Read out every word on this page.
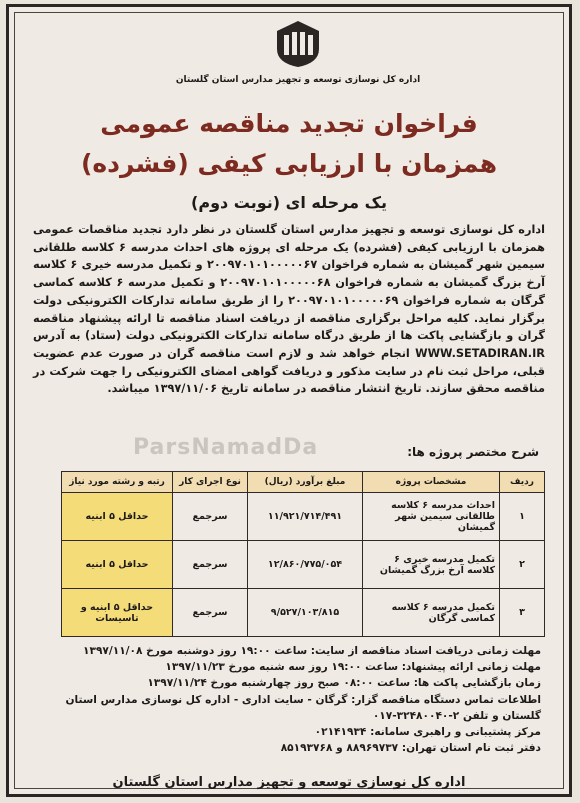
اداره کل نوسازی توسعه و تجهیز مدارس استان گلستان
فراخوان تجدید مناقصه عمومی
همزمان با ارزیابی کیفی (فشرده)
یک مرحله ای (نوبت دوم)
اداره کل نوسازی توسعه و تجهیز مدارس استان گلستان در نظر دارد تجدید مناقصات عمومی همزمان با ارزیابی کیفی (فشرده) یک مرحله ای پروژه های احداث مدرسه ۶ کلاسه طلقانی سیمین شهر گمیشان به شماره فراخوان ۲۰۰۹۷۰۱۰۱۰۰۰۰۰۶۷ و تکمیل مدرسه خیری ۶ کلاسه آرخ بزرگ گمیشان به شماره فراخوان ۲۰۰۹۷۰۱۰۱۰۰۰۰۰۶۸ و تکمیل مدرسه ۶ کلاسه کماسی گرگان به شماره فراخوان ۲۰۰۹۷۰۱۰۱۰۰۰۰۰۶۹ را از طریق سامانه تدارکات الکترونیکی دولت برگزار نماید. کلیه مراحل برگزاری مناقصه از دریافت اسناد مناقصه تا ارائه پیشنهاد مناقصه گران و بازگشایی پاکت ها از طریق درگاه سامانه تدارکات الکترونیکی دولت (ستاد) به آدرس WWW.SETADIRAN.IR انجام خواهد شد و لازم است مناقصه گران در صورت عدم عضویت قبلی، مراحل ثبت نام در سایت مذکور و دریافت گواهی امضای الکترونیکی را جهت شرکت در مناقصه محقق سازند. تاریخ انتشار مناقصه در سامانه تاریخ ۱۳۹۷/۱۱/۰۶ میباشد.
ParsNamadDa	شرح مختصر پروژه ها:
ردیف	مشخصات پروژه	مبلغ برآورد (ریال)	نوع اجرای کار	رتبه و رشته مورد نیاز
۱	احداث مدرسه ۶ کلاسه طالقانی سیمین شهر گمیشان	۱۱/۹۲۱/۷۱۴/۴۹۱	سرجمع	حداقل ۵ ابنیه
۲	تکمیل مدرسه خیری ۶ کلاسه آرخ بزرگ گمیشان	۱۲/۸۶۰/۷۷۵/۰۵۴	سرجمع	حداقل ۵ ابنیه
۳	تکمیل مدرسه ۶ کلاسه کماسی گرگان	۹/۵۲۷/۱۰۳/۸۱۵	سرجمع	حداقل ۵ ابنیه و تاسیسات
مهلت زمانی دریافت اسناد مناقصه از سایت: ساعت ۱۹:۰۰ روز دوشنبه مورخ ۱۳۹۷/۱۱/۰۸
مهلت زمانی ارائه پیشنهاد: ساعت ۱۹:۰۰ روز سه شنبه مورخ ۱۳۹۷/۱۱/۲۳
زمان بازگشایی پاکت ها: ساعت ۰۸:۰۰ صبح روز چهارشنبه مورخ ۱۳۹۷/۱۱/۲۴
اطلاعات تماس دستگاه مناقصه گزار: گرگان - سایت اداری - اداره کل نوسازی مدارس استان گلستان و تلفن ۲-۳۲۴۸۰۰۴۰-۰۱۷
مرکز پشتیبانی و راهبری سامانه: ۰۲۱۴۱۹۳۴
دفتر ثبت نام استان تهران: ۸۸۹۶۹۷۳۷ و ۸۵۱۹۳۷۶۸
اداره کل نوسازی توسعه و تجهیز مدارس استان گلستان
